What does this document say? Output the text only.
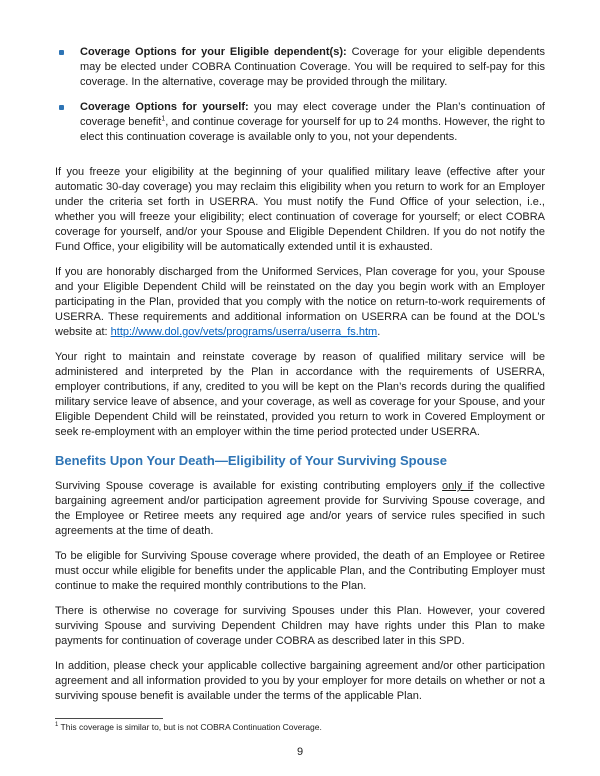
Coverage Options for your Eligible dependent(s): Coverage for your eligible dependents may be elected under COBRA Continuation Coverage. You will be required to self-pay for this coverage. In the alternative, coverage may be provided through the military.
Coverage Options for yourself: you may elect coverage under the Plan’s continuation of coverage benefit$^1$, and continue coverage for yourself for up to 24 months. However, the right to elect this continuation coverage is available only to you, not your dependents.

If you freeze your eligibility at the beginning of your qualified military leave (effective after your automatic 30-day coverage) you may reclaim this eligibility when you return to work for an Employer under the criteria set forth in USERRA. You must notify the Fund Office of your selection, i.e., whether you will freeze your eligibility; elect continuation of coverage for yourself; or elect COBRA coverage for yourself, and/or your Spouse and Eligible Dependent Children. If you do not notify the Fund Office, your eligibility will be automatically extended until it is exhausted.

If you are honorably discharged from the Uniformed Services, Plan coverage for you, your Spouse and your Eligible Dependent Child will be reinstated on the day you begin work with an Employer participating in the Plan, provided that you comply with the notice on return-to-work requirements of USERRA. These requirements and additional information on USERRA can be found at the DOL’s website at: http://www.dol.gov/vets/programs/userra/userra_fs.htm.

Your right to maintain and reinstate coverage by reason of qualified military service will be administered and interpreted by the Plan in accordance with the requirements of USERRA, employer contributions, if any, credited to you will be kept on the Plan’s records during the qualified military service leave of absence, and your coverage, as well as coverage for your Spouse, and your Eligible Dependent Child will be reinstated, provided you return to work in Covered Employment or seek re-employment with an employer within the time period protected under USERRA.

Benefits Upon Your Death—Eligibility of Your Surviving Spouse

Surviving Spouse coverage is available for existing contributing employers only if the collective bargaining agreement and/or participation agreement provide for Surviving Spouse coverage, and the Employee or Retiree meets any required age and/or years of service rules specified in such agreements at the time of death.

To be eligible for Surviving Spouse coverage where provided, the death of an Employee or Retiree must occur while eligible for benefits under the applicable Plan, and the Contributing Employer must continue to make the required monthly contributions to the Plan.

There is otherwise no coverage for surviving Spouses under this Plan. However, your covered surviving Spouse and surviving Dependent Children may have rights under this Plan to make payments for continuation of coverage under COBRA as described later in this SPD.

In addition, please check your applicable collective bargaining agreement and/or other participation agreement and all information provided to you by your employer for more details on whether or not a surviving spouse benefit is available under the terms of the applicable Plan.

$^1$ This coverage is similar to, but is not COBRA Continuation Coverage.
9
